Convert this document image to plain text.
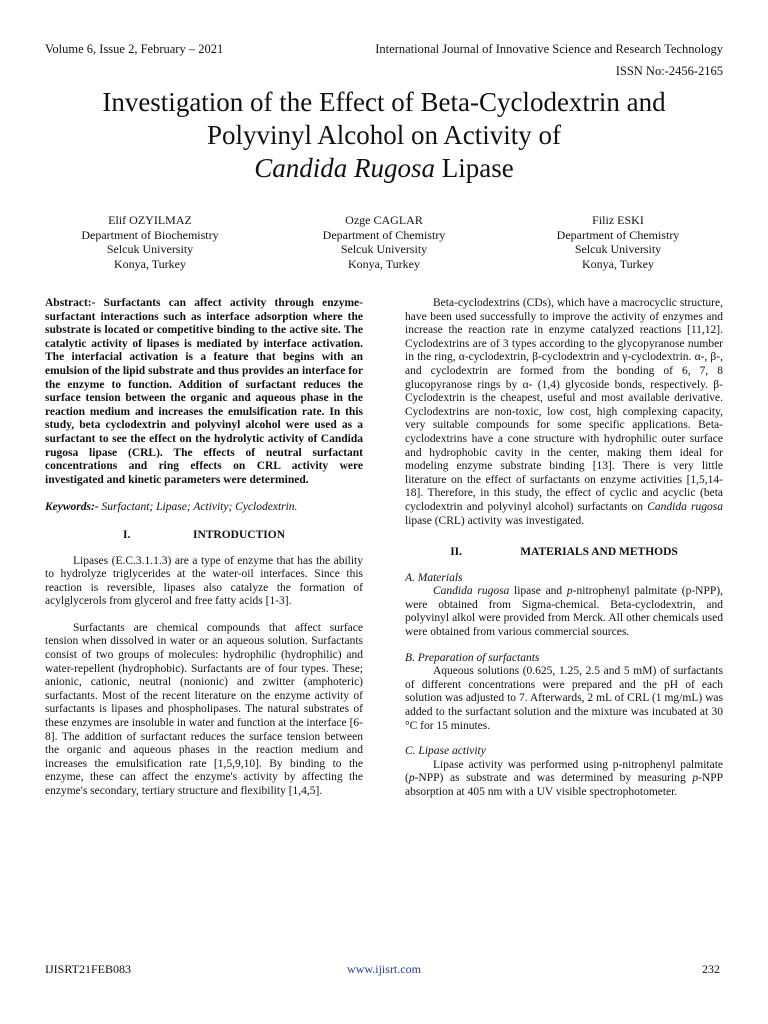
Volume 6, Issue 2, February – 2021	International Journal of Innovative Science and Research Technology
ISSN No:-2456-2165
Investigation of the Effect of Beta-Cyclodextrin and
Polyvinyl Alcohol on Activity of
Candida Rugosa Lipase
Elif OZYILMAZ
Department of Biochemistry
Selcuk University
Konya, Turkey
Ozge CAGLAR
Department of Chemistry
Selcuk University
Konya, Turkey
Filiz ESKI
Department of Chemistry
Selcuk University
Konya, Turkey

Abstract:- Surfactants can affect activity through enzyme-surfactant interactions such as interface adsorption where the substrate is located or competitive binding to the active site. The catalytic activity of lipases is mediated by interface activation. The interfacial activation is a feature that begins with an emulsion of the lipid substrate and thus provides an interface for the enzyme to function. Addition of surfactant reduces the surface tension between the organic and aqueous phase in the reaction medium and increases the emulsification rate. In this study, beta cyclodextrin and polyvinyl alcohol were used as a surfactant to see the effect on the hydrolytic activity of Candida rugosa lipase (CRL). The effects of neutral surfactant concentrations and ring effects on CRL activity were investigated and kinetic parameters were determined.

Keywords:- Surfactant; Lipase; Activity; Cyclodextrin.

I.	INTRODUCTION

Lipases (E.C.3.1.1.3) are a type of enzyme that has the ability to hydrolyze triglycerides at the water-oil interfaces. Since this reaction is reversible, lipases also catalyze the formation of acylglycerols from glycerol and free fatty acids [1-3].

Surfactants are chemical compounds that affect surface tension when dissolved in water or an aqueous solution. Surfactants consist of two groups of molecules: hydrophilic (hydrophilic) and water-repellent (hydrophobic). Surfactants are of four types. These; anionic, cationic, neutral (nonionic) and zwitter (amphoteric) surfactants. Most of the recent literature on the enzyme activity of surfactants is lipases and phospholipases. The natural substrates of these enzymes are insoluble in water and function at the interface [6-8]. The addition of surfactant reduces the surface tension between the organic and aqueous phases in the reaction medium and increases the emulsification rate [1,5,9,10]. By binding to the enzyme, these can affect the enzyme's activity by affecting the enzyme's secondary, tertiary structure and flexibility [1,4,5].

Beta-cyclodextrins (CDs), which have a macrocyclic structure, have been used successfully to improve the activity of enzymes and increase the reaction rate in enzyme catalyzed reactions [11,12]. Cyclodextrins are of 3 types according to the glycopyranose number in the ring, α-cyclodextrin, β-cyclodextrin and γ-cyclodextrin. α-, β-, and cyclodextrin are formed from the bonding of 6, 7, 8 glucopyranose rings by α- (1,4) glycoside bonds, respectively. β-Cyclodextrin is the cheapest, useful and most available derivative. Cyclodextrins are non-toxic, low cost, high complexing capacity, very suitable compounds for some specific applications. Beta-cyclodextrins have a cone structure with hydrophilic outer surface and hydrophobic cavity in the center, making them ideal for modeling enzyme substrate binding [13]. There is very little literature on the effect of surfactants on enzyme activities [1,5,14-18]. Therefore, in this study, the effect of cyclic and acyclic (beta cyclodextrin and polyvinyl alcohol) surfactants on Candida rugosa lipase (CRL) activity was investigated.

II.	MATERIALS AND METHODS

A. Materials

Candida rugosa lipase and p-nitrophenyl palmitate (p-NPP), were obtained from Sigma-chemical. Beta-cyclodextrin, and polyvinyl alkol were provided from Merck. All other chemicals used were obtained from various commercial sources.

B. Preparation of surfactants

Aqueous solutions (0.625, 1.25, 2.5 and 5 mM) of surfactants of different concentrations were prepared and the pH of each solution was adjusted to 7. Afterwards, 2 mL of CRL (1 mg/mL) was added to the surfactant solution and the mixture was incubated at 30 °C for 15 minutes.

C. Lipase activity

Lipase activity was performed using p-nitrophenyl palmitate (p-NPP) as substrate and was determined by measuring p-NPP absorption at 405 nm with a UV visible spectrophotometer.

IJISRT21FEB083	www.ijisrt.com	232
